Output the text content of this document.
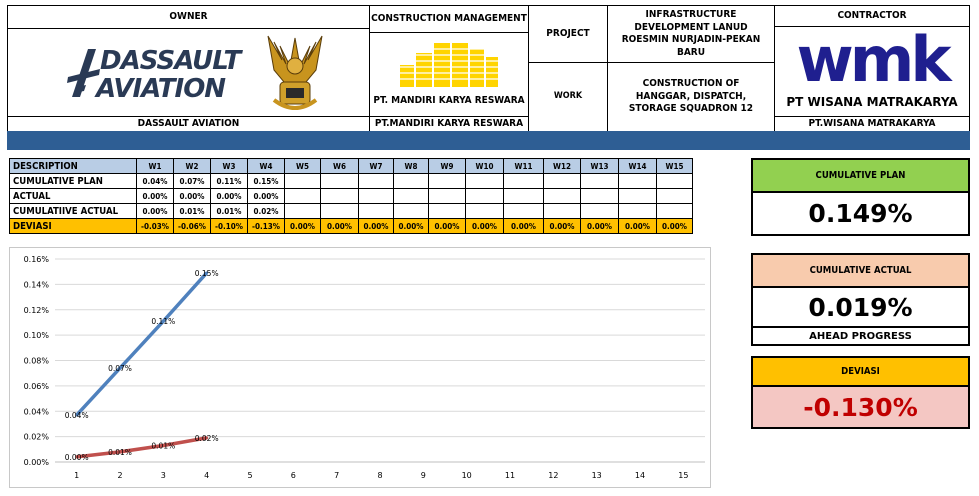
OWNER
DASSAULT
AVIATION
DASSAULT AVIATION
CONSTRUCTION MANAGEMENT
PT. MANDIRI KARYA RESWARA
PT.MANDIRI KARYA RESWARA
PROJECT
INFRASTRUCTURE DEVELOPMENT LANUD ROESMIN NURJADIN-PEKAN BARU
WORK
CONSTRUCTION OF HANGGAR, DISPATCH, STORAGE SQUADRON 12
CONTRACTOR
wmk
PT WISANA MATRAKARYA
PT.WISANA MATRAKARYA
DESCRIPTION	W1	W2	W3	W4	W5	W6	W7	W8	W9	W10	W11	W12	W13	W14	W15
CUMULATIVE PLAN	0.04%	0.07%	0.11%	0.15%											
ACTUAL	0.00%	0.00%	0.00%	0.00%											
CUMULATIIVE ACTUAL	0.00%	0.01%	0.01%	0.02%											
DEVIASI	-0.03%	-0.06%	-0.10%	-0.13%	0.00%	0.00%	0.00%	0.00%	0.00%	0.00%	0.00%	0.00%	0.00%	0.00%	0.00%
0.00%
0.02%
0.04%
0.06%
0.08%
0.10%
0.12%
0.14%
0.16%
1	2	3	4	5	6	7	8	9	10	11	12	13	14	15
0.04%
0.07%
0.11%
0.15%
0.00%
0.01%
0.01%
0.02%
CUMULATIVE PLAN
0.149%
CUMULATIVE ACTUAL
0.019%
AHEAD PROGRESS
DEVIASI
-0.130%
